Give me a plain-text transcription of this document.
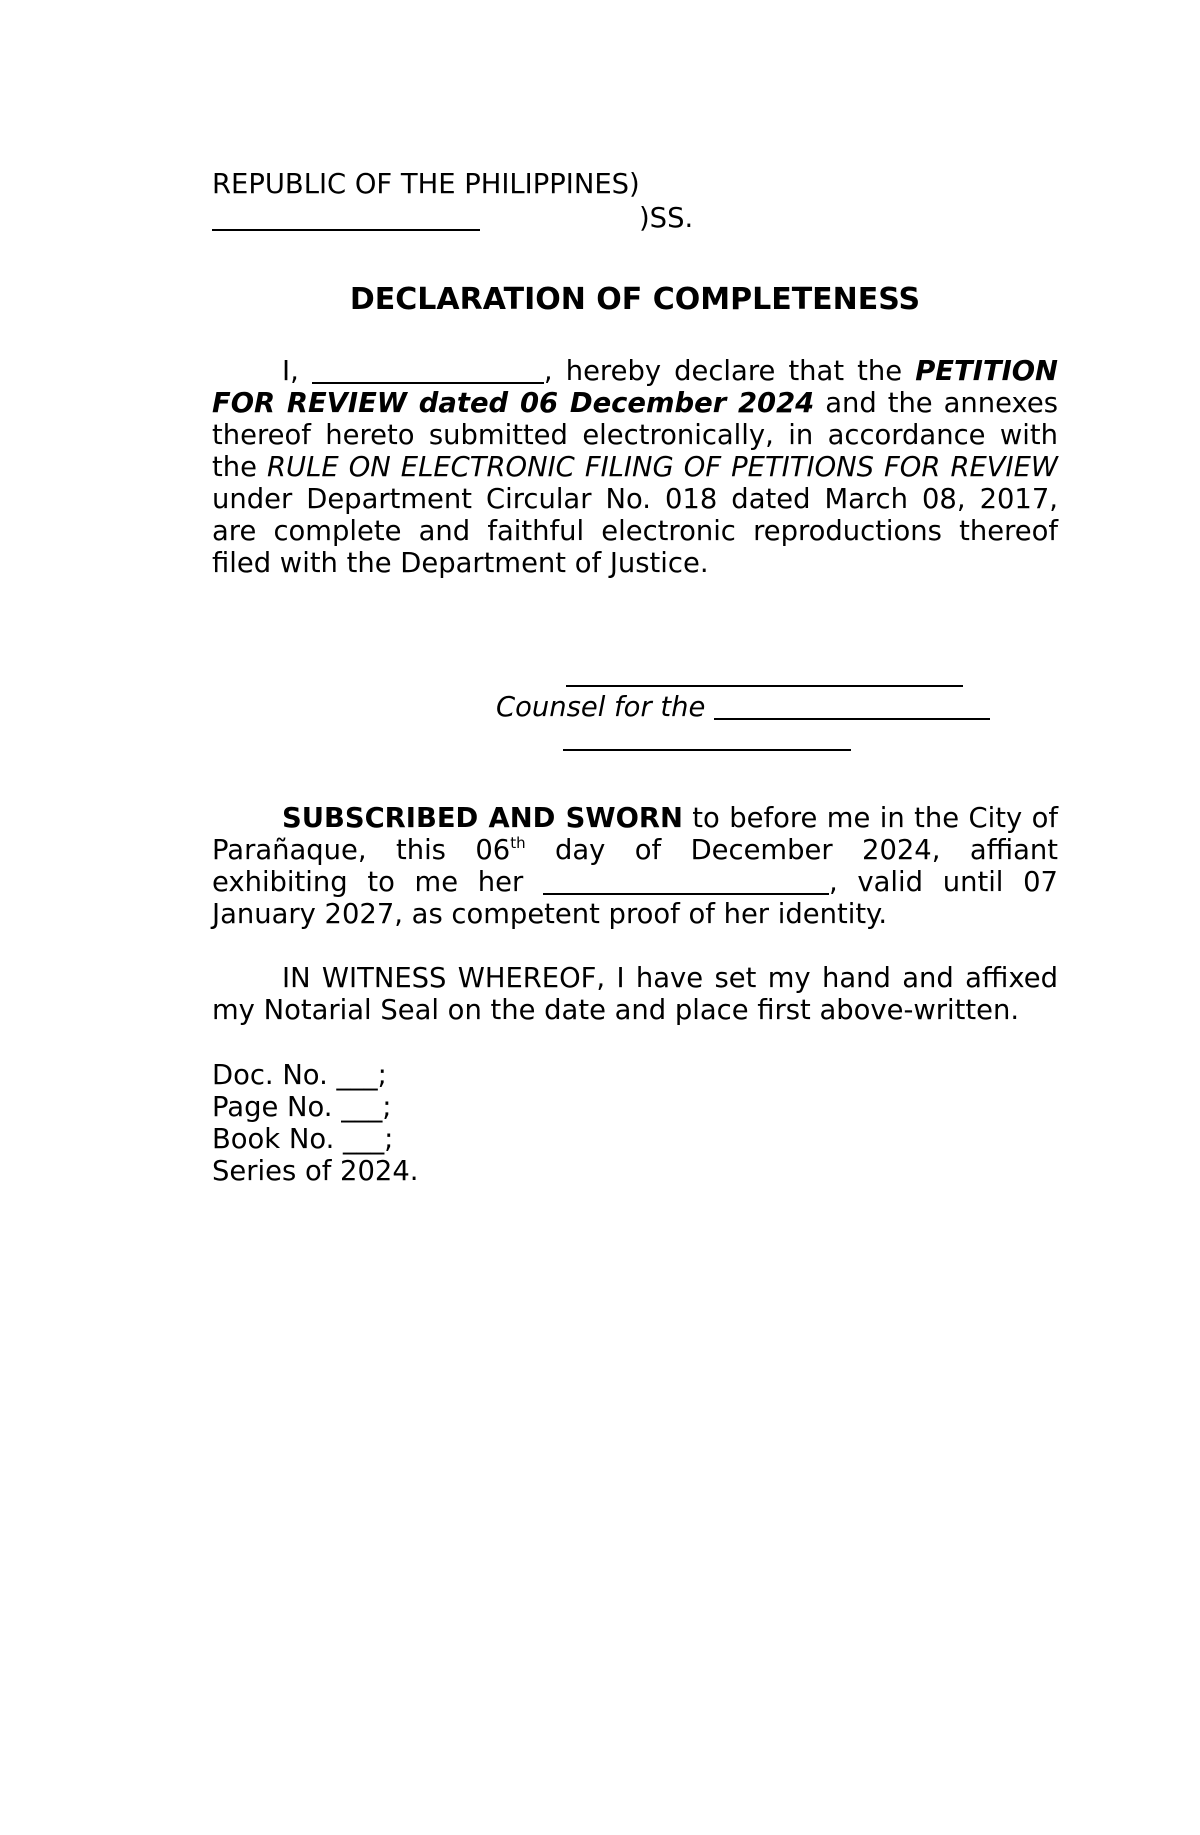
REPUBLIC OF THE PHILIPPINES)
)SS.
DECLARATION OF COMPLETENESS
I,	, hereby declare that the PETITION
FOR REVIEW dated 06 December 2024 and the annexes
thereof hereto submitted electronically, in accordance with
the RULE ON ELECTRONIC FILING OF PETITIONS FOR REVIEW
under Department Circular No. 018 dated March 08, 2017,
are complete and faithful electronic reproductions thereof
filed with the Department of Justice.
Counsel for the
SUBSCRIBED AND SWORN to before me in the City of
Parañaque, this 06th day of December 2024, affiant
exhibiting to me her	, valid until 07
January 2027, as competent proof of her identity.
IN WITNESS WHEREOF, I have set my hand and affixed
my Notarial Seal on the date and place first above-written.
Doc. No. ___;
Page No. ___;
Book No. ___;
Series of 2024.
